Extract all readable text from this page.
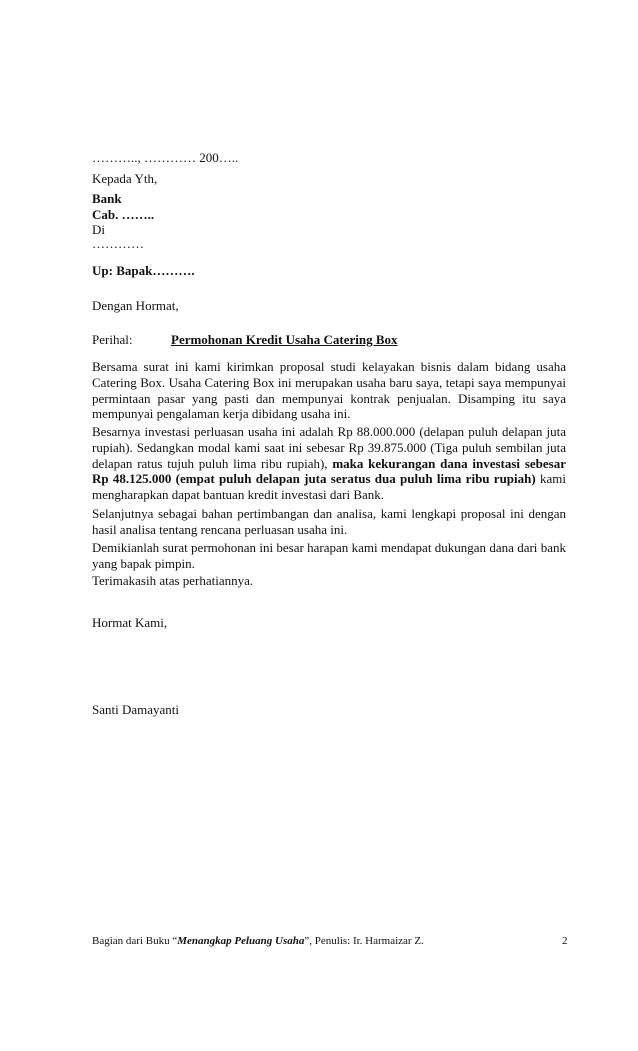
……….., ………… 200…..
Kepada Yth,
Bank
Cab. ……..
Di
…………
Up: Bapak……….
Dengan Hormat,
Perihal:	Permohonan Kredit Usaha Catering Box

Bersama surat ini kami kirimkan proposal studi kelayakan bisnis dalam bidang usaha Catering Box. Usaha Catering Box ini merupakan usaha baru saya, tetapi saya mempunyai permintaan pasar yang pasti dan mempunyai kontrak penjualan. Disamping itu saya mempunyai pengalaman kerja dibidang usaha ini.

Besarnya investasi perluasan usaha ini adalah Rp 88.000.000 (delapan puluh delapan juta rupiah). Sedangkan modal kami saat ini sebesar Rp 39.875.000 (Tiga puluh sembilan juta delapan ratus tujuh puluh lima ribu rupiah), maka kekurangan dana investasi sebesar Rp 48.125.000 (empat puluh delapan juta seratus dua puluh lima ribu rupiah) kami mengharapkan dapat bantuan kredit investasi dari Bank.

Selanjutnya sebagai bahan pertimbangan dan analisa, kami lengkapi proposal ini dengan hasil analisa tentang rencana perluasan usaha ini.

Demikianlah surat permohonan ini besar harapan kami mendapat dukungan dana dari bank yang bapak pimpin.

Terimakasih atas perhatiannya.
Hormat Kami,
Santi Damayanti
Bagian dari Buku “Menangkap Peluang Usaha”, Penulis: Ir. Harmaizar Z.	2
